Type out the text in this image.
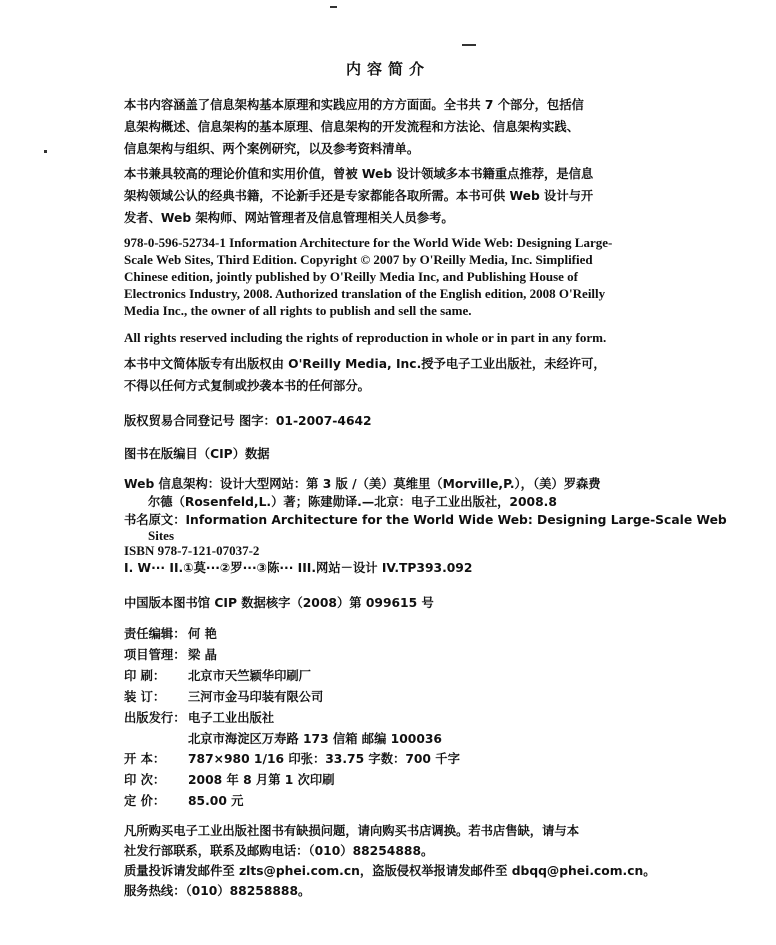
内容简介
本书内容涵盖了信息架构基本原理和实践应用的方方面面。全书共 7 个部分，包括信
息架构概述、信息架构的基本原理、信息架构的开发流程和方法论、信息架构实践、
信息架构与组织、两个案例研究，以及参考资料清单。
本书兼具较高的理论价值和实用价值，曾被 Web 设计领域多本书籍重点推荐，是信息
架构领域公认的经典书籍，不论新手还是专家都能各取所需。本书可供 Web 设计与开
发者、Web 架构师、网站管理者及信息管理相关人员参考。
978-0-596-52734-1 Information Architecture for the World Wide Web: Designing Large-
Scale Web Sites, Third Edition. Copyright © 2007 by O'Reilly Media, Inc. Simplified
Chinese edition, jointly published by O'Reilly Media Inc, and Publishing House of
Electronics Industry, 2008. Authorized translation of the English edition, 2008 O'Reilly
Media Inc., the owner of all rights to publish and sell the same.
All rights reserved including the rights of reproduction in whole or in part in any form.
本书中文简体版专有出版权由 O'Reilly Media, Inc.授予电子工业出版社，未经许可，
不得以任何方式复制或抄袭本书的任何部分。
版权贸易合同登记号 图字：01-2007-4642
图书在版编目（CIP）数据
Web 信息架构：设计大型网站：第 3 版 /（美）莫维里（Morville,P.），（美）罗森费
尔德（Rosenfeld,L.）著；陈建勋译.—北京：电子工业出版社，2008.8
书名原文：Information Architecture for the World Wide Web: Designing Large-Scale Web
Sites
ISBN 978-7-121-07037-2
I. W··· II.①莫···②罗···③陈··· III.网站－设计 IV.TP393.092
中国版本图书馆 CIP 数据核字（2008）第 099615 号
责任编辑： 何 艳
项目管理： 梁 晶
印 刷： 北京市天竺颖华印刷厂
装 订： 三河市金马印装有限公司
出版发行： 电子工业出版社
北京市海淀区万寿路 173 信箱 邮编 100036
开 本： 787×980 1/16 印张：33.75 字数：700 千字
印 次： 2008 年 8 月第 1 次印刷
定 价： 85.00 元
凡所购买电子工业出版社图书有缺损问题，请向购买书店调换。若书店售缺，请与本
社发行部联系，联系及邮购电话：（010）88254888。
质量投诉请发邮件至 zlts@phei.com.cn，盗版侵权举报请发邮件至 dbqq@phei.com.cn。
服务热线：（010）88258888。
